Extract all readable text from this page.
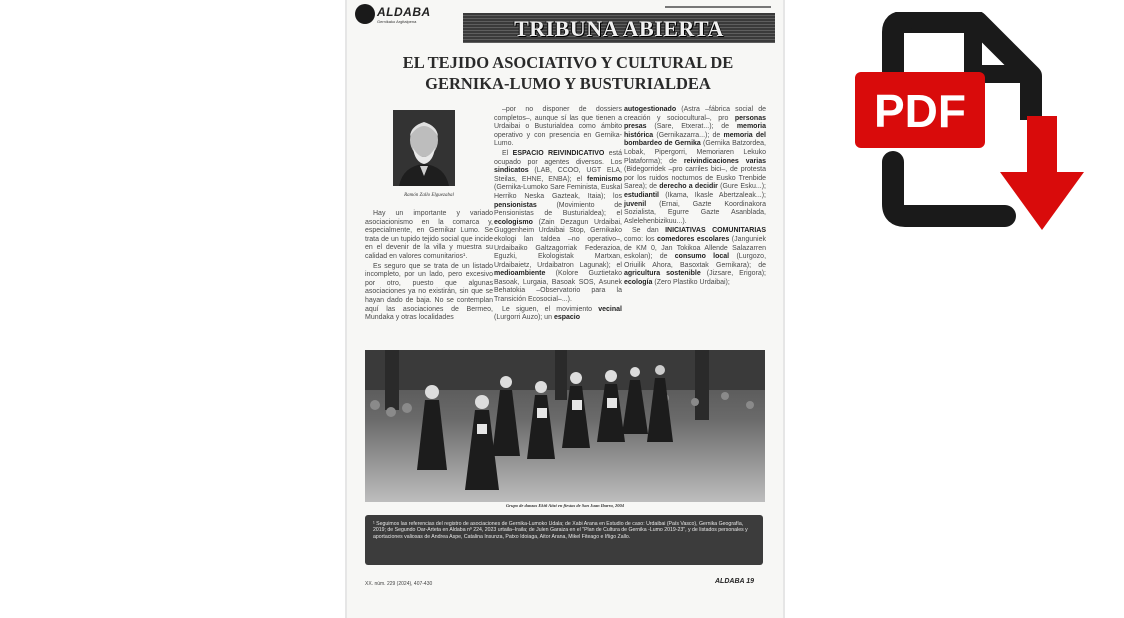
ALDABA
Gernikako Argitalpena	TRIBUNA ABIERTA
EL TEJIDO ASOCIATIVO Y CULTURAL DE
GERNIKA-LUMO Y BUSTURIALDEA
Ramón Zallo Elguezabal

Hay un importante y variado asociacionismo en la comarca y, especialmente, en Gernikar Lumo. Se trata de un tupido tejido social que incide en el devenir de la villa y muestra su calidad en valores comunitarios¹.

Es seguro que se trata de un listado incompleto, por un lado, pero excesivo por otro, puesto que algunas asociaciones ya no existirán, sin que se hayan dado de baja. No se contemplan aquí las asociaciones de Bermeo, Mundaka y otras localidades

–por no disponer de dossiers completos–, aunque sí las que tienen a Urdaibai o Busturialdea como ámbito operativo y con presencia en Gernika-Lumo.

El ESPACIO REIVINDICATIVO está ocupado por agentes diversos. Los sindicatos (LAB, CCOO, UGT ELA, Steilas, EHNE, ENBA); el feminismo (Gernika-Lumoko Sare Feminista, Euskal Herriko Neska Gazteak, Itaia); los pensionistas	(Movimiento de Pensionistas de Busturialdea); el ecologismo (Zain Dezagun Urdaibai, Guggenheim Urdaibai Stop, Gernikako ekologi lan taldea –no operativo–, Urdaibaiko Galtzagorriak Federazioa, Eguzki, Ekologistak Martxan, Urdaibaietz, Urdaibatron Lagunak); el medioambiente (Kolore Guztietako Basoak, Lurgaia, Basoak SOS, Asunek Behatokia –Observatorio para la Transición Ecosocial–...).

Le siguen, el movimiento vecinal (Lurgorri Auzo); un espacio

autogestionado (Astra –fábrica social de creación y sociocultural–, pro personas presas (Sare, Etxerat...); de memoria histórica (Gernikazarra...); de memoria del bombardeo de Gernika (Gernika Batzordea, Lobak, Pipergorri, Memoriaren Lekuko Plataforma); de reivindicaciones varias (Bidegorridek –pro carriles bici–, de protesta por los ruidos nocturnos de Eusko Trenbide Sarea); de derecho a decidir (Gure Esku...); estudiantil (Ikama, Ikasle Abertzaleak...); juvenil (Ernai, Gazte Koordinakora Sozialista, Egurre Gazte Asanblada, Aslelehenbizikuu...).

Se dan INICIATIVAS COMUNITARIAS como: los comedores escolares (Janguniek de KM 0, Jan Tokikoa Allende Salazarren eskolan); de consumo local (Lurgozo, Oriuilik Ahora, Basoxtak Gernikara); de agricultura sostenible (Jizsare, Erigora); ecología (Zero Plastiko Urdaibai);

Grupo de danzas Ekiñ Aitzi en fiestas de San Juan Ibarra, 2004
¹ Seguimos las referencias del registro de asociaciones de Gernika-Lumoko Udala; de Xabi Arana en Estudio de caso: Urdaibai (País Vasco), Gernika Geografía, 2019; de Segundo Oar-Arteta en Aldaba nº 224, 2023 urtaila–Iraila; de Julen Garaiza en el "Plan de Cultura de Gernika -Lumo 2019-23", y de listados personales y aportaciones valiosas de Andrea Aspe, Catalina Insunza, Patxo Idoiaga, Aitor Arana, Mikel Fiteago e Iñigo Zallo.
XX. núm. 229 (2024), 407-430	ALDABA 19
PDF
